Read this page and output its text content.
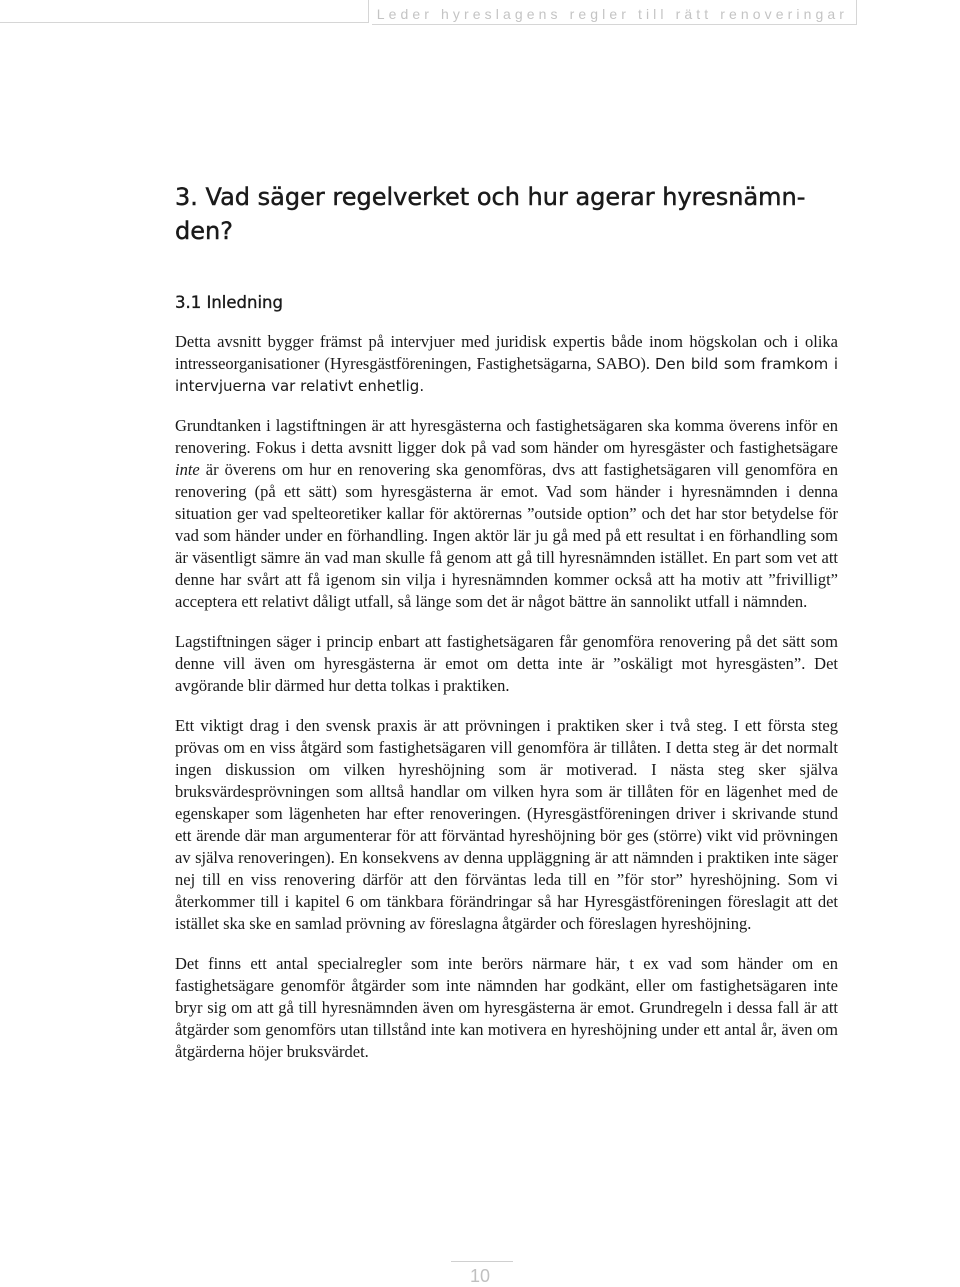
Leder hyreslagens regler till rätt renoveringar
3. Vad säger regelverket och hur agerar hyresnämn-
den?
3.1 Inledning

Detta avsnitt bygger främst på intervjuer med juridisk expertis både inom högskolan och i olika intresseorganisationer (Hyresgästföreningen, Fastighetsägarna, SABO). Den bild som framkom i intervjuerna var relativt enhetlig.

Grundtanken i lagstiftningen är att hyresgästerna och fastighetsägaren ska komma överens inför en renovering. Fokus i detta avsnitt ligger dok på vad som händer om hyresgäster och fastighetsägare inte är överens om hur en renovering ska genomföras, dvs att fastighetsägaren vill genomföra en renovering (på ett sätt) som hyresgästerna är emot. Vad som händer i hyresnämnden i denna situation ger vad spelteoretiker kallar för aktörernas ”outside option” och det har stor betydelse för vad som händer under en förhandling. Ingen aktör lär ju gå med på ett resultat i en förhandling som är väsentligt sämre än vad man skulle få genom att gå till hyresnämnden istället. En part som vet att denne har svårt att få igenom sin vilja i hyresnämnden kommer också att ha motiv att ”frivilligt” acceptera ett relativt dåligt utfall, så länge som det är något bättre än sannolikt utfall i nämnden.

Lagstiftningen säger i princip enbart att fastighetsägaren får genomföra renovering på det sätt som denne vill även om hyresgästerna är emot om detta inte är ”oskäligt mot hyresgästen”. Det avgörande blir därmed hur detta tolkas i praktiken.

Ett viktigt drag i den svensk praxis är att prövningen i praktiken sker i två steg. I ett första steg prövas om en viss åtgärd som fastighetsägaren vill genomföra är tillåten. I detta steg är det normalt ingen diskussion om vilken hyreshöjning som är motiverad. I nästa steg sker själva bruksvärdesprövningen som alltså handlar om vilken hyra som är tillåten för en lägenhet med de egenskaper som lägenheten har efter renoveringen. (Hyresgästföreningen driver i skrivande stund ett ärende där man argumenterar för att förväntad hyreshöjning bör ges (större) vikt vid prövningen av själva renoveringen). En konsekvens av denna uppläggning är att nämnden i praktiken inte säger nej till en viss renovering därför att den förväntas leda till en ”för stor” hyreshöjning. Som vi återkommer till i kapitel 6 om tänkbara förändringar så har Hyresgästföreningen föreslagit att det istället ska ske en samlad prövning av föreslagna åtgärder och föreslagen hyreshöjning.

Det finns ett antal specialregler som inte berörs närmare här, t ex vad som händer om en fastighetsägare genomför åtgärder som inte nämnden har godkänt, eller om fastighetsägaren inte bryr sig om att gå till hyresnämnden även om hyresgästerna är emot. Grundregeln i dessa fall är att åtgärder som genomförs utan tillstånd inte kan motivera en hyreshöjning under ett antal år, även om åtgärderna höjer bruksvärdet.

10
